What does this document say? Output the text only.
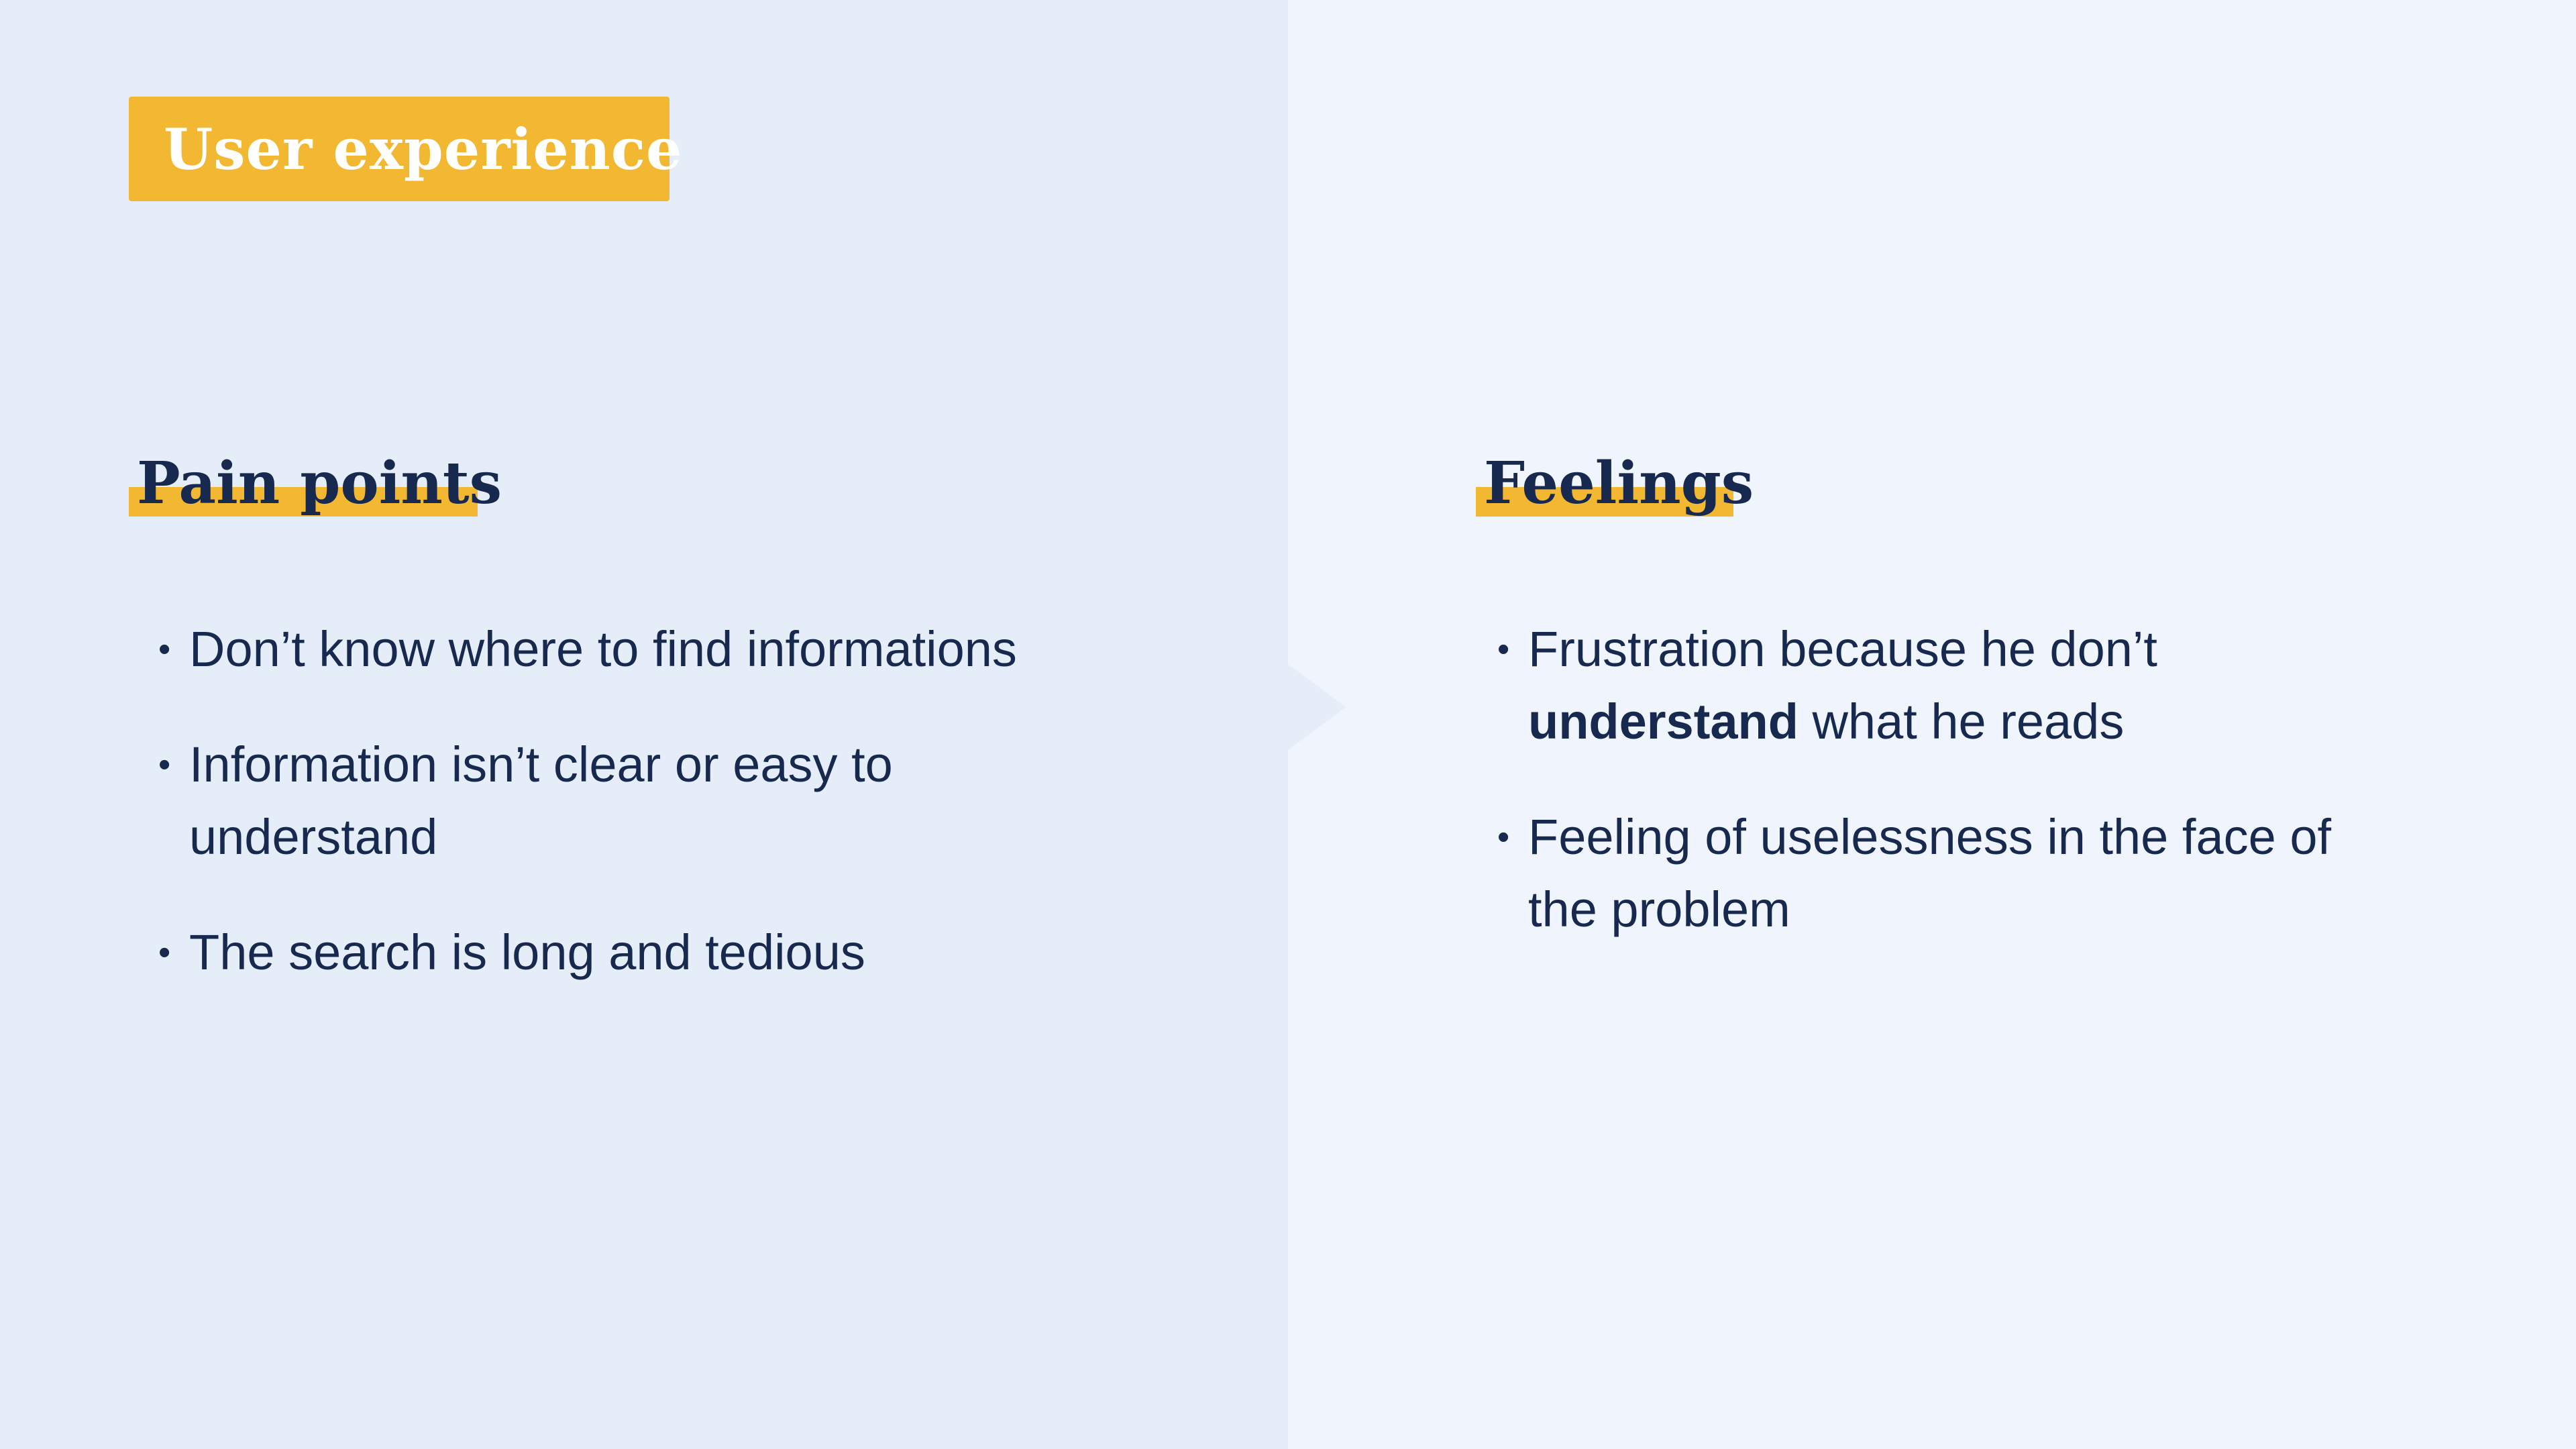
User experience
Pain points
• Don’t know where to find informations
• Information isn’t clear or easy to understand
• The search is long and tedious
Feelings
• Frustration because he don’t understand what he reads
• Feeling of uselessness in the face of the problem
